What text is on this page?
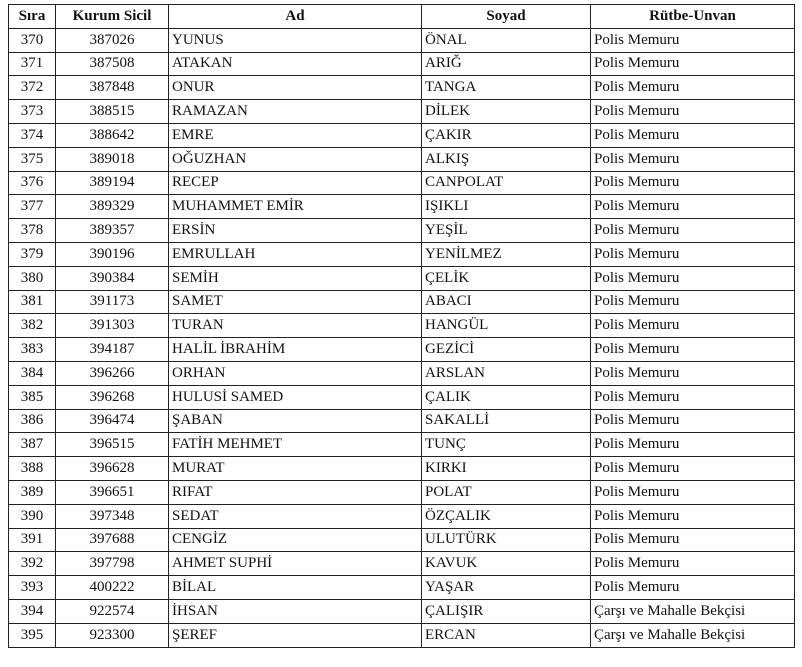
Sıra	Kurum Sicil	Ad	Soyad	Rütbe-Unvan
370	387026	YUNUS	ÖNAL	Polis Memuru
371	387508	ATAKAN	ARIĞ	Polis Memuru
372	387848	ONUR	TANGA	Polis Memuru
373	388515	RAMAZAN	DİLEK	Polis Memuru
374	388642	EMRE	ÇAKIR	Polis Memuru
375	389018	OĞUZHAN	ALKIŞ	Polis Memuru
376	389194	RECEP	CANPOLAT	Polis Memuru
377	389329	MUHAMMET EMİR	IŞIKLI	Polis Memuru
378	389357	ERSİN	YEŞİL	Polis Memuru
379	390196	EMRULLAH	YENİLMEZ	Polis Memuru
380	390384	SEMİH	ÇELİK	Polis Memuru
381	391173	SAMET	ABACI	Polis Memuru
382	391303	TURAN	HANGÜL	Polis Memuru
383	394187	HALİL İBRAHİM	GEZİCİ	Polis Memuru
384	396266	ORHAN	ARSLAN	Polis Memuru
385	396268	HULUSİ SAMED	ÇALIK	Polis Memuru
386	396474	ŞABAN	SAKALLİ	Polis Memuru
387	396515	FATİH MEHMET	TUNÇ	Polis Memuru
388	396628	MURAT	KIRKI	Polis Memuru
389	396651	RIFAT	POLAT	Polis Memuru
390	397348	SEDAT	ÖZÇALIK	Polis Memuru
391	397688	CENGİZ	ULUTÜRK	Polis Memuru
392	397798	AHMET SUPHİ	KAVUK	Polis Memuru
393	400222	BİLAL	YAŞAR	Polis Memuru
394	922574	İHSAN	ÇALIŞIR	Çarşı ve Mahalle Bekçisi
395	923300	ŞEREF	ERCAN	Çarşı ve Mahalle Bekçisi
